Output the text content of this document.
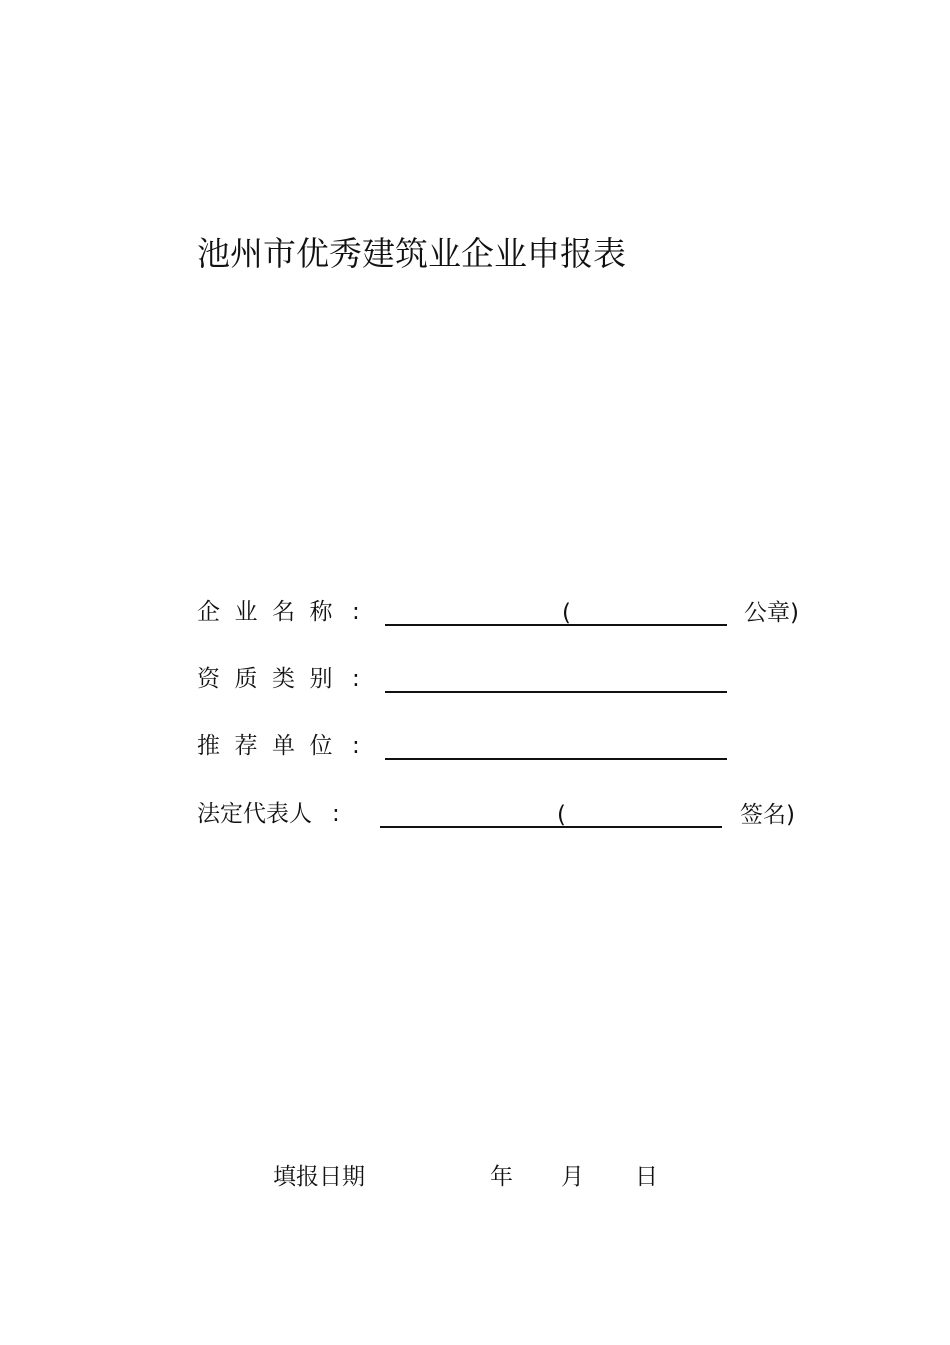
池州市优秀建筑业企业申报表
企业名称 :	(	公章)
资质类别 :
推荐单位 :
法定代表人 :	(	签名)
填报日期	年 月 日
